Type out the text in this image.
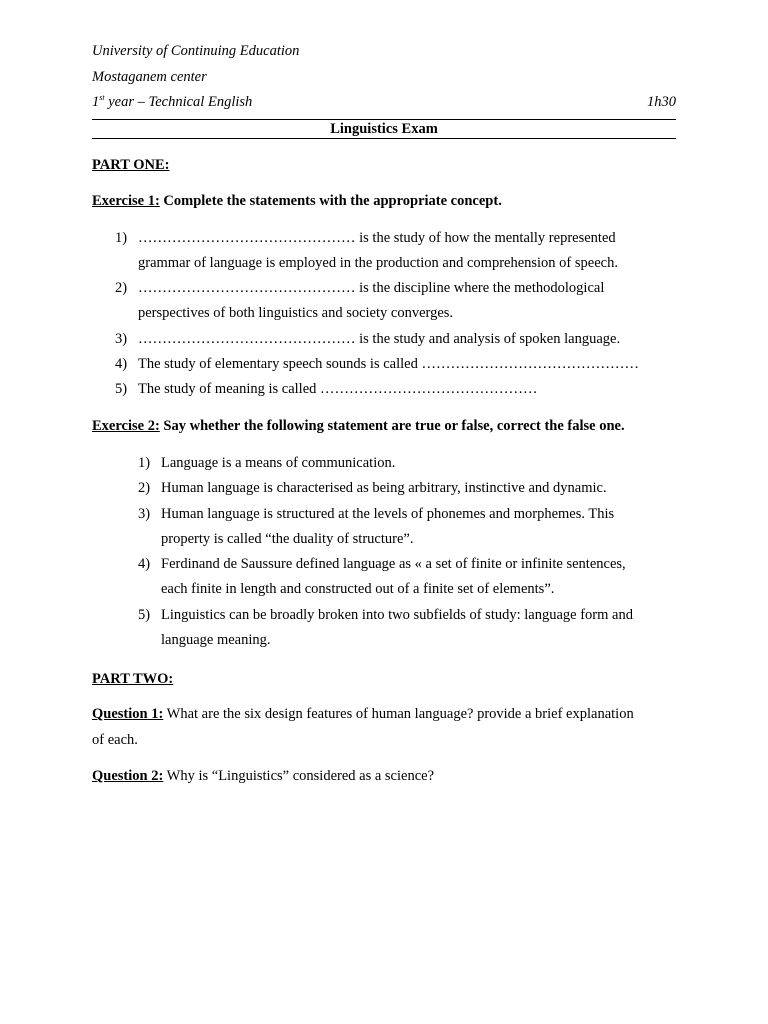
University of Continuing Education
Mostaganem center
1st year – Technical English	1h30
Linguistics Exam
PART ONE:
Exercise 1: Complete the statements with the appropriate concept.
1) ……………………………………… is the study of how the mentally represented
grammar of language is employed in the production and comprehension of speech.
2) ……………………………………… is the discipline where the methodological
perspectives of both linguistics and society converges.
3) ……………………………………… is the study and analysis of spoken language.
4) The study of elementary speech sounds is called ………………………………………
5) The study of meaning is called ………………………………………
Exercise 2: Say whether the following statement are true or false, correct the false one.
1) Language is a means of communication.
2) Human language is characterised as being arbitrary, instinctive and dynamic.
3) Human language is structured at the levels of phonemes and morphemes. This
property is called “the duality of structure”.
4) Ferdinand de Saussure defined language as « a set of finite or infinite sentences,
each finite in length and constructed out of a finite set of elements”.
5) Linguistics can be broadly broken into two subfields of study: language form and
language meaning.
PART TWO:
Question 1: What are the six design features of human language? provide a brief explanation
of each.
Question 2: Why is “Linguistics” considered as a science?
